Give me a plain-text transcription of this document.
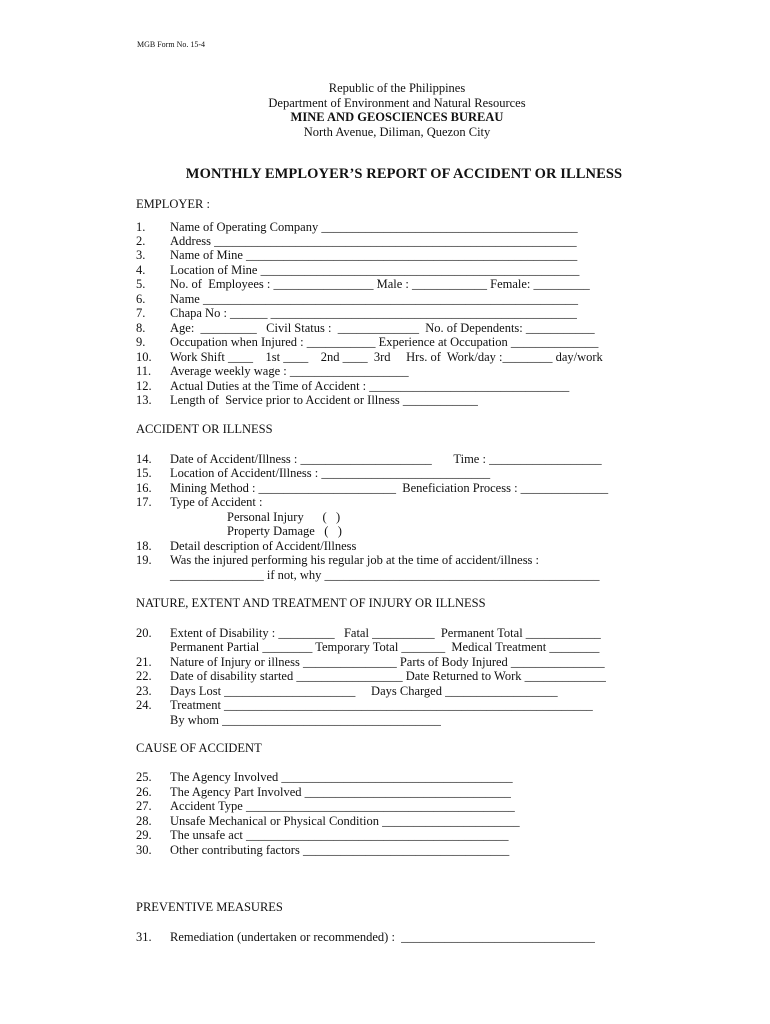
MGB Form No. 15-4
Republic of the Philippines
Department of Environment and Natural Resources
MINE AND GEOSCIENCES BUREAU
North Avenue, Diliman, Quezon City
MONTHLY EMPLOYER’S REPORT OF ACCIDENT OR ILLNESS
EMPLOYER :
1. Name of Operating Company _________________________________________
2. Address __________________________________________________________
3. Name of Mine _____________________________________________________
4. Location of Mine ___________________________________________________
5. No. of  Employees : ________________ Male : ____________ Female: _________
6. Name ____________________________________________________________
7. Chapa No : ______ _________________________________________________
8. Age:  _________   Civil Status :  _____________  No. of Dependents: ___________
9. Occupation when Injured : ___________ Experience at Occupation ______________
10. Work Shift ____    1st ____    2nd ____  3rd     Hrs. of  Work/day :________ day/work
11. Average weekly wage : ___________________
12. Actual Duties at the Time of Accident : ________________________________
13. Length of  Service prior to Accident or Illness ____________
ACCIDENT OR ILLNESS
14. Date of Accident/Illness : _____________________       Time : __________________
15. Location of Accident/Illness : ___________________________
16. Mining Method : ______________________  Beneficiation Process : ______________
17. Type of Accident :
Personal Injury      (   )
Property Damage   (   )
18. Detail description of Accident/Illness
19. Was the injured performing his regular job at the time of accident/illness :
_______________ if not, why ____________________________________________
NATURE, EXTENT AND TREATMENT OF INJURY OR ILLNESS
20. Extent of Disability : _________   Fatal __________  Permanent Total ____________
Permanent Partial ________ Temporary Total _______  Medical Treatment ________
21. Nature of Injury or illness _______________ Parts of Body Injured _______________
22. Date of disability started _________________ Date Returned to Work _____________
23. Days Lost _____________________     Days Charged __________________
24. Treatment ___________________________________________________________
By whom ___________________________________
CAUSE OF ACCIDENT
25. The Agency Involved _____________________________________
26. The Agency Part Involved _________________________________
27. Accident Type ___________________________________________
28. Unsafe Mechanical or Physical Condition ______________________
29. The unsafe act __________________________________________
30. Other contributing factors _________________________________
PREVENTIVE MEASURES
31. Remediation (undertaken or recommended) :  _______________________________
